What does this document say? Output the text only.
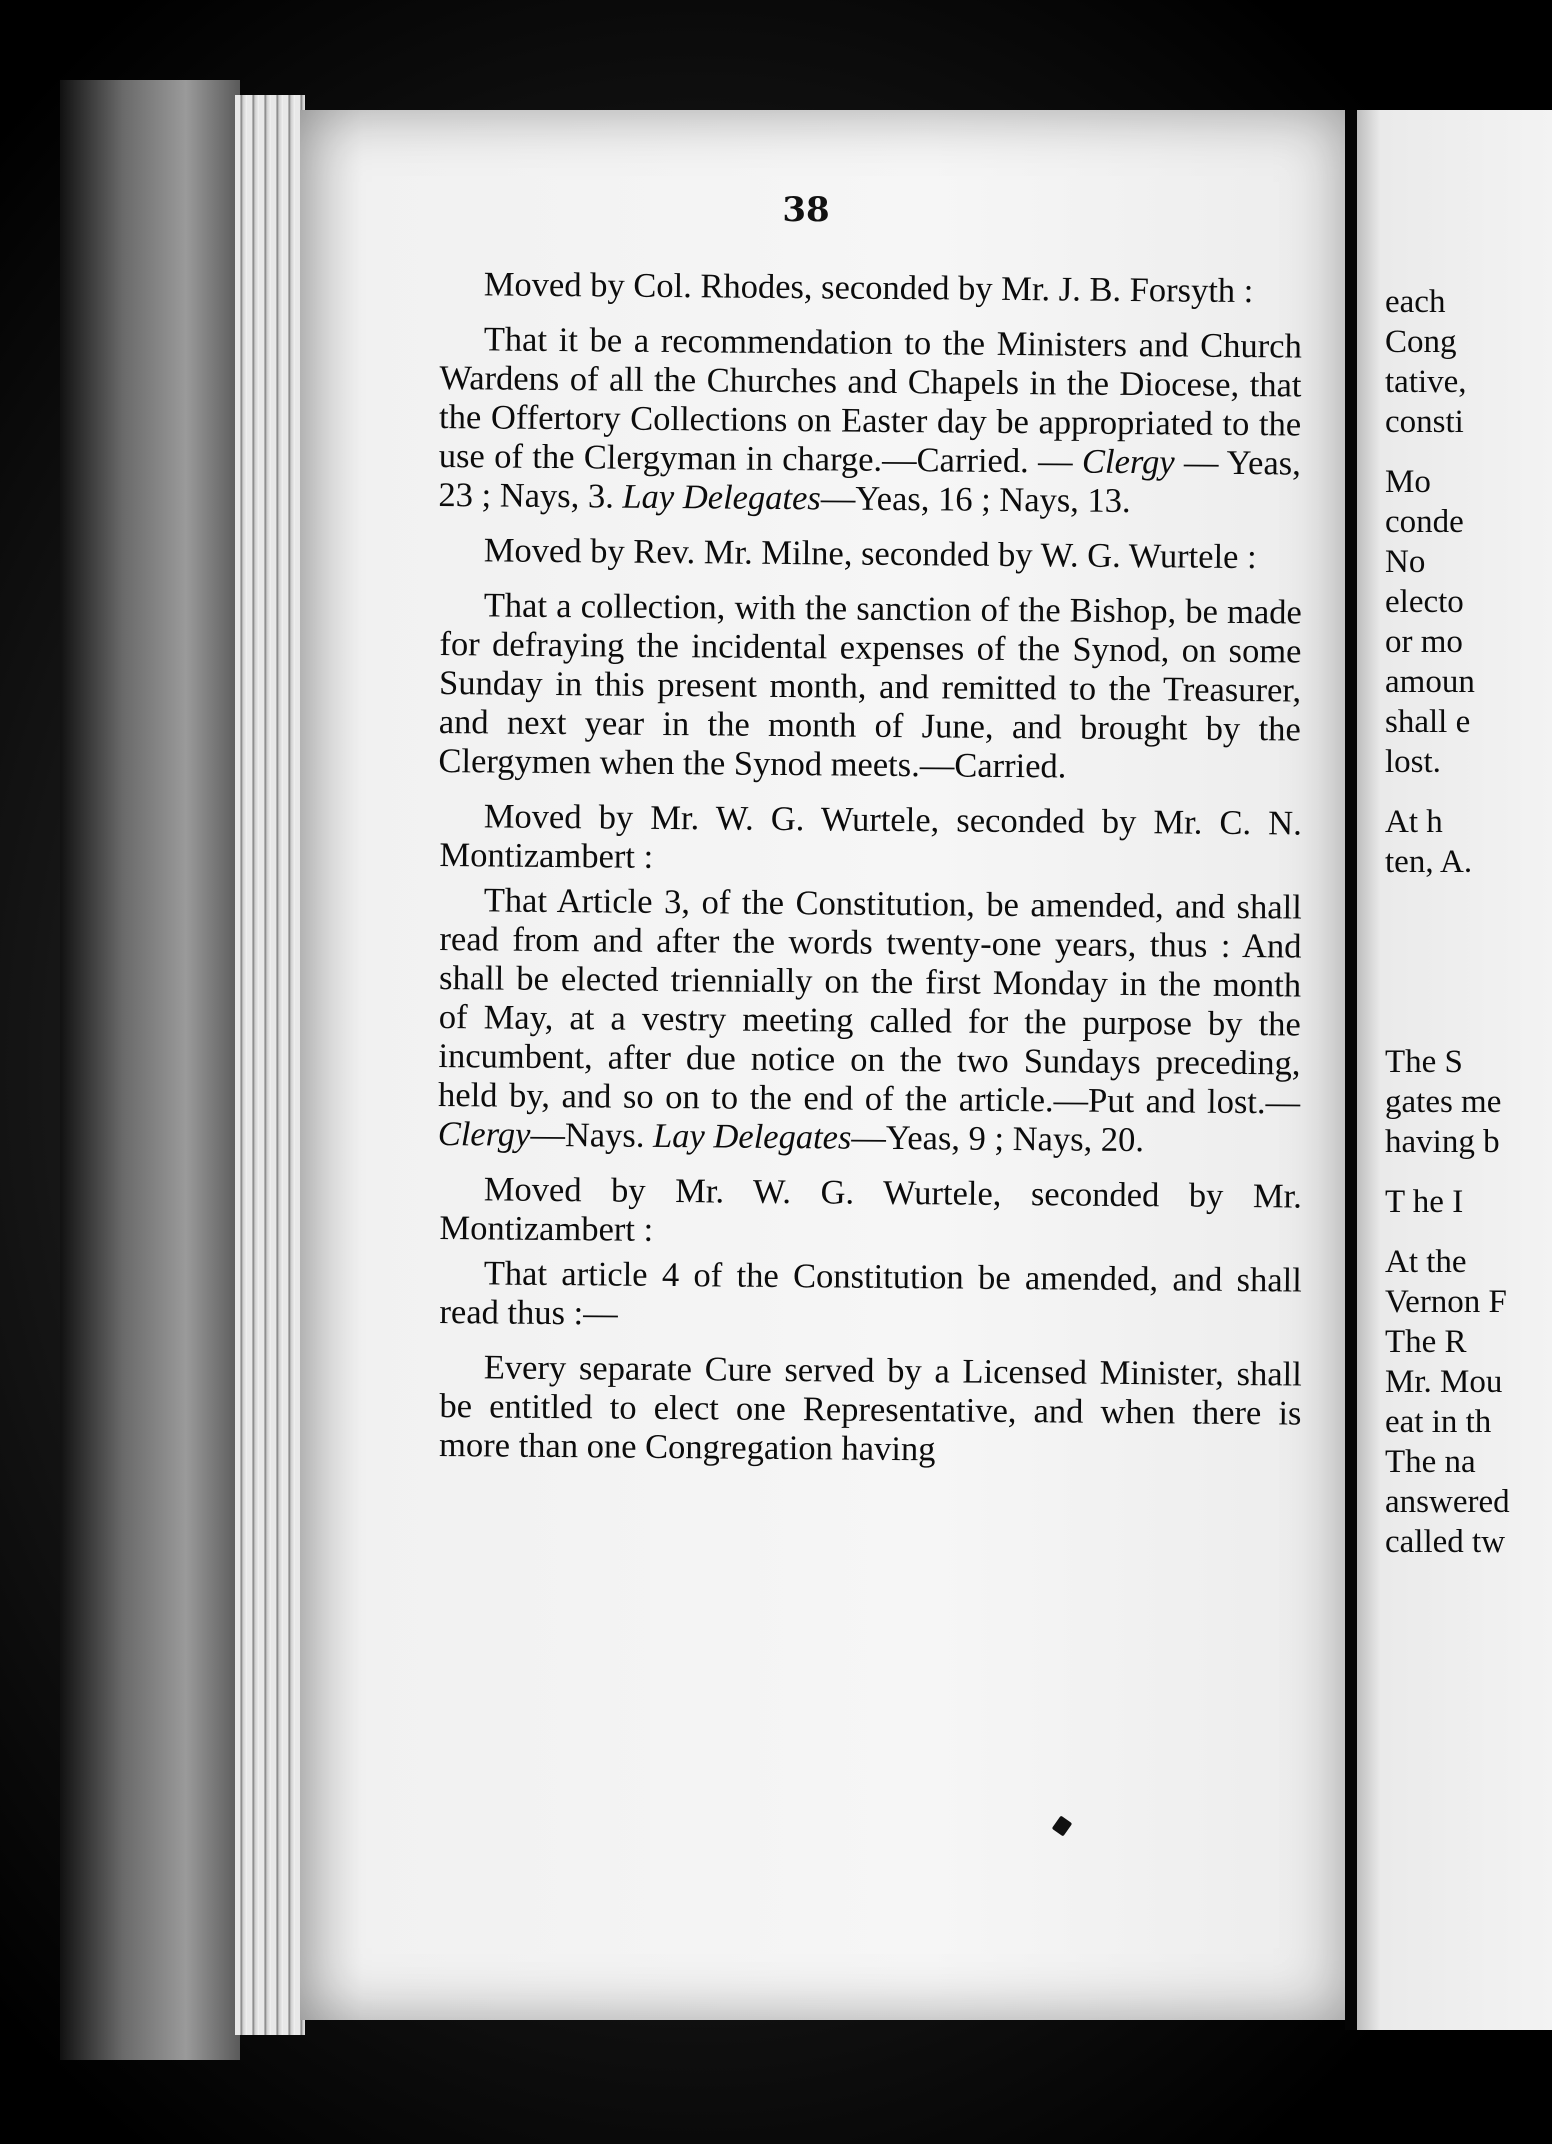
each
Cong
tative,
consti
Mo
conde
No
electo
or mo
amoun
shall e
lost.
At h
ten, A.
The S
gates me
having b
T he I
At the
Vernon F
The R
Mr. Mou
eat in th
The na
answered
called tw
38

Moved by Col. Rhodes, seconded by Mr. J. B. Forsyth :

That it be a recommendation to the Ministers and Church Wardens of all the Churches and Chapels in the Diocese, that the Offertory Collections on Easter day be appropriated to the use of the Clergyman in charge.—Carried. — Clergy — Yeas, 23 ; Nays, 3. Lay Delegates—Yeas, 16 ; Nays, 13.

Moved by Rev. Mr. Milne, seconded by W. G. Wurtele :

That a collection, with the sanction of the Bishop, be made for defraying the incidental expenses of the Synod, on some Sunday in this present month, and remitted to the Treasurer, and next year in the month of June, and brought by the Clergymen when the Synod meets.—Carried.

Moved by Mr. W. G. Wurtele, seconded by Mr. C. N. Montizambert :

That Article 3, of the Constitution, be amended, and shall read from and after the words twenty-one years, thus : And shall be elected triennially on the first Monday in the month of May, at a vestry meeting called for the purpose by the incumbent, after due notice on the two Sundays preceding, held by, and so on to the end of the article.—Put and lost.—Clergy—Nays. Lay Delegates—Yeas, 9 ; Nays, 20.

Moved by Mr. W. G. Wurtele, seconded by Mr. Montizambert :

That article 4 of the Constitution be amended, and shall read thus :—

Every separate Cure served by a Licensed Minister, shall be entitled to elect one Representative, and when there is more than one Congregation having
